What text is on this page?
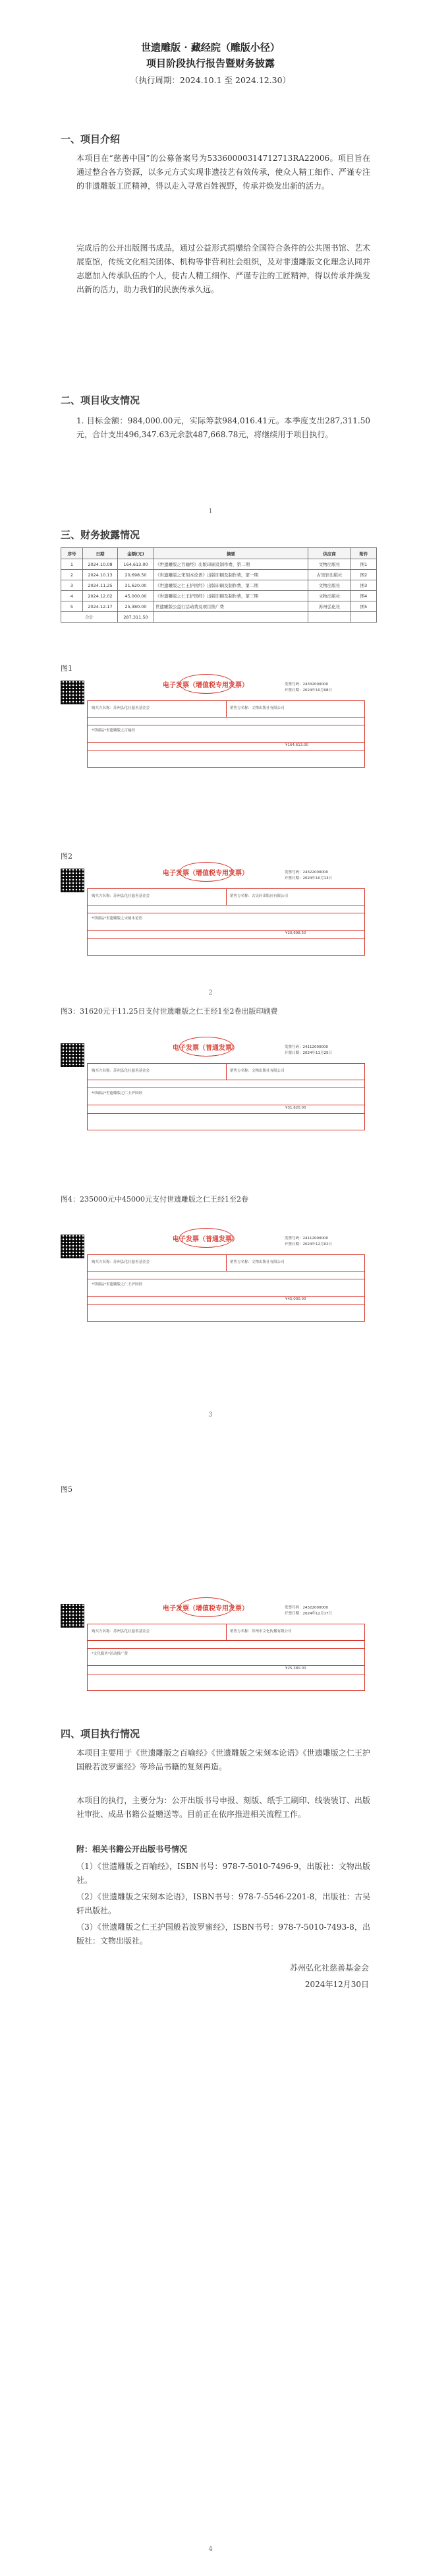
世遗雕版 · 藏经院（雕版小径）
项目阶段执行报告暨财务披露
（执行周期：2024.10.1 至 2024.12.30）
一、项目介绍
本项目在“慈善中国”的公募备案号为53360000314712713RA22006。项目旨在通过整合各方资源，以多元方式实现非遗技艺有效传承，使众人精工细作、严谨专注的非遗雕版工匠精神，得以走入寻常百姓视野，传承并焕发出新的活力。
完成后的公开出版图书成品，通过公益形式捐赠给全国符合条件的公共图书馆、艺术展览馆，传统文化相关团体、机构等非营利社会组织，及对非遗雕版文化理念认同并志愿加入传承队伍的个人，使古人精工细作、严谨专注的工匠精神，得以传承并焕发出新的活力，助力我们的民族传承久远。
二、项目收支情况
1. 目标金额：984,000.00元，实际筹款984,016.41元。本季度支出287,311.50元，合计支出496,347.63元余款487,668.78元，将继续用于项目执行。
1
三、财务披露情况
序号	日期	金额(元)	摘要	供应商	附件
1	2024.10.08	164,613.00	《世遗雕版之百喻经》出版印刷及制作费，第二期	文物出版社	图1
2	2024.10.13	20,698.50	《世遗雕版之宋刻本论语》出版印刷及制作费，第一期	古吴轩出版社	图2
3	2024.11.25	31,620.00	《世遗雕版之仁王护国经》出版印刷及制作费，第二期	文物出版社	图3
4	2024.12.02	45,000.00	《世遗雕版之仁王护国经》出版印刷及制作费，第三期	文物出版社	图4
5	2024.12.17	25,380.00	世遗雕版公益行活动费及项目推广费	苏州弘化社	图5
合计		287,311.50			
图1
电子发票（增值税专用发票）	发票号码：24332000000
开票日期：2024年10月08日
购买方名称：苏州弘化社慈善基金会	销售方名称：文物出版社有限公司
*印刷品*世遗雕版之百喻经
¥164,613.00
图2
电子发票（增值税专用发票）	发票号码：24322000000
开票日期：2024年10月13日
购买方名称：苏州弘化社慈善基金会	销售方名称：古吴轩出版社有限公司
*印刷品*世遗雕版之宋刻本论语
¥20,698.50
2
图3：31620元于11.25日支付世遗雕版之仁王经1至2卷出版印刷费
电子发票（普通发票）	发票号码：24112000000
开票日期：2024年11月25日
购买方名称：苏州弘化社慈善基金会	销售方名称：文物出版社有限公司
*印刷品*世遗雕版之仁王护国经
¥31,620.00
图4：235000元中45000元支付世遗雕版之仁王经1至2卷
电子发票（普通发票）	发票号码：24112000000
开票日期：2024年12月02日
购买方名称：苏州弘化社慈善基金会	销售方名称：文物出版社有限公司
*印刷品*世遗雕版之仁王护国经
¥45,000.00
3
图5
电子发票（增值税专用发票）	发票号码：24322000000
开票日期：2024年12月17日
购买方名称：苏州弘化社慈善基金会	销售方名称：苏州市文化传播有限公司
*文化服务*活动推广费
¥25,380.00
四、项目执行情况
本项目主要用于《世遗雕版之百喻经》《世遗雕版之宋刻本论语》《世遗雕版之仁王护国般若波罗蜜经》等珍品书籍的复刻再造。
本项目的执行，主要分为：公开出版书号申报、刻版、纸手工刷印、线装装订、出版社审批、成品书籍公益赠送等。目前正在依序推进相关流程工作。
附：相关书籍公开出版书号情况
（1）《世遗雕版之百喻经》，ISBN书号：978-7-5010-7496-9，出版社：文物出版社。
（2）《世遗雕版之宋刻本论语》，ISBN书号：978-7-5546-2201-8，出版社：古吴轩出版社。
（3）《世遗雕版之仁王护国般若波罗蜜经》，ISBN书号：978-7-5010-7493-8，出版社：文物出版社。
苏州弘化社慈善基金会
2024年12月30日
4
